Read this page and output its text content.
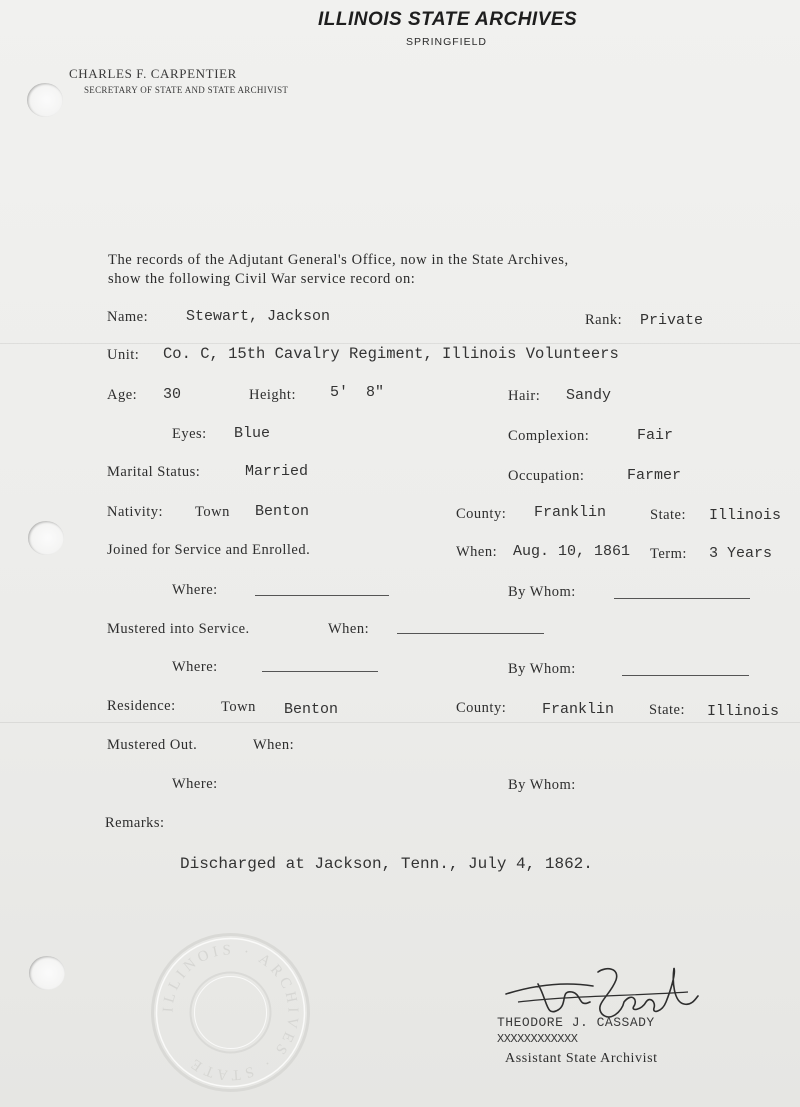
ILLINOIS STATE ARCHIVES
SPRINGFIELD
CHARLES F. CARPENTIER
SECRETARY OF STATE AND STATE ARCHIVIST
The records of the Adjutant General's Office, now in the State Archives,
show the following Civil War service record on:
Name:	Stewart, Jackson	Rank: Private
Unit: Co. C, 15th Cavalry Regiment, Illinois Volunteers
Age: 30	Height: 5'  8"	Hair: Sandy
Eyes: Blue	Complexion:	Fair
Marital Status:	Married	Occupation:	Farmer
Nativity: Town Benton	County: Franklin	State: Illinois
Joined for Service and Enrolled.	When: Aug. 10, 1861 Term: 3 Years
Where:	By Whom:
Mustered into Service.	When:
Where:	By Whom:
Residence:	Town Benton	County: Franklin State: Illinois
Mustered Out.	When:
Where:	By Whom:
Remarks:
Discharged at Jackson, Tenn., July 4, 1862.
ILLINOIS · ARCHIVES · STATE
THEODORE J. CASSADY
XXXXXXXXXXXX
Assistant State Archivist
